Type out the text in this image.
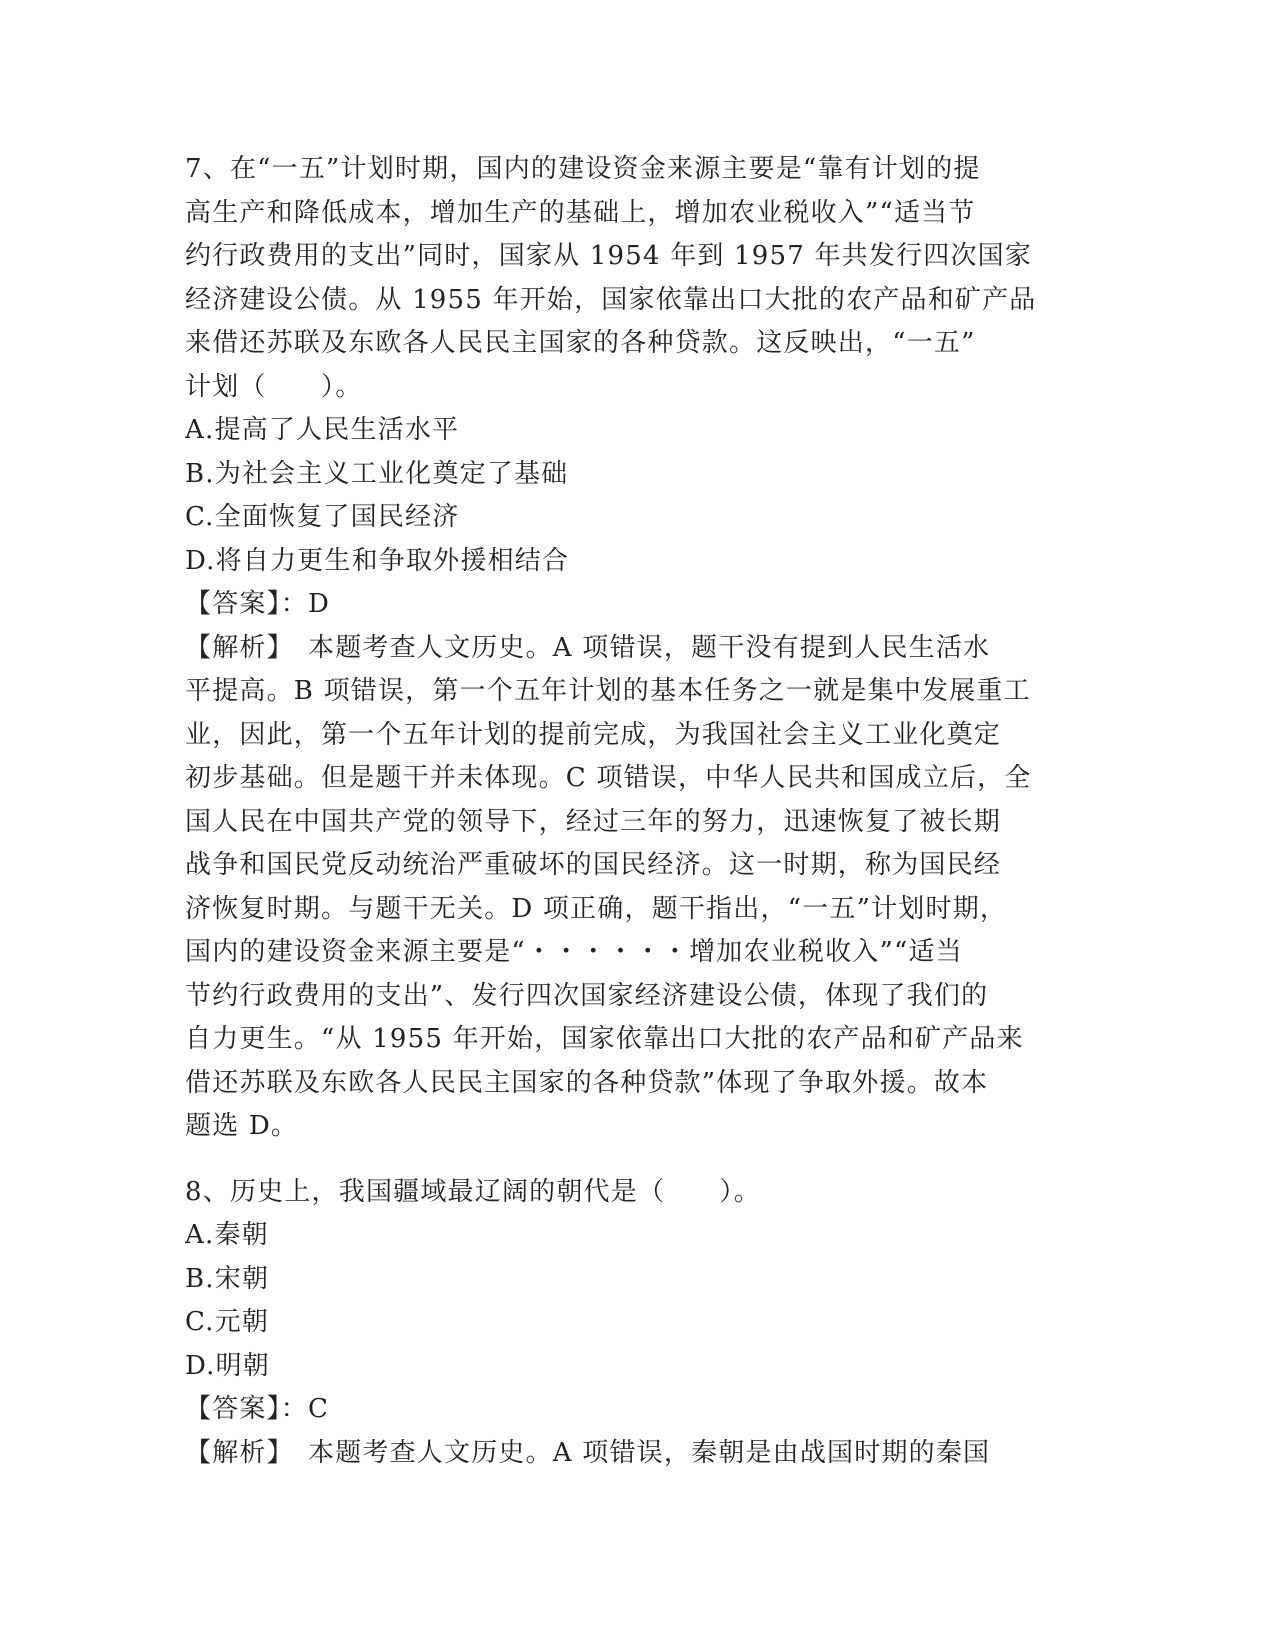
7、在“一五”计划时期，国内的建设资金来源主要是“靠有计划的提
高生产和降低成本，增加生产的基础上，增加农业税收入”“适当节
约行政费用的支出”同时，国家从 1954 年到 1957 年共发行四次国家
经济建设公债。从 1955 年开始，国家依靠出口大批的农产品和矿产品
来借还苏联及东欧各人民民主国家的各种贷款。这反映出，“一五”
计划（　　）。
A.提高了人民生活水平
B.为社会主义工业化奠定了基础
C.全面恢复了国民经济
D.将自力更生和争取外援相结合
【答案】：D
【解析】　本题考查人文历史。A 项错误，题干没有提到人民生活水
平提高。B 项错误，第一个五年计划的基本任务之一就是集中发展重工
业，因此，第一个五年计划的提前完成，为我国社会主义工业化奠定
初步基础。但是题干并未体现。C 项错误，中华人民共和国成立后，全
国人民在中国共产党的领导下，经过三年的努力，迅速恢复了被长期
战争和国民党反动统治严重破坏的国民经济。这一时期，称为国民经
济恢复时期。与题干无关。D 项正确，题干指出，“一五”计划时期，
国内的建设资金来源主要是“・・・・・・增加农业税收入”“适当
节约行政费用的支出”、发行四次国家经济建设公债，体现了我们的
自力更生。“从 1955 年开始，国家依靠出口大批的农产品和矿产品来
借还苏联及东欧各人民民主国家的各种贷款”体现了争取外援。故本
题选 D。
8、历史上，我国疆域最辽阔的朝代是（　　）。
A.秦朝
B.宋朝
C.元朝
D.明朝
【答案】：C
【解析】　本题考查人文历史。A 项错误，秦朝是由战国时期的秦国
